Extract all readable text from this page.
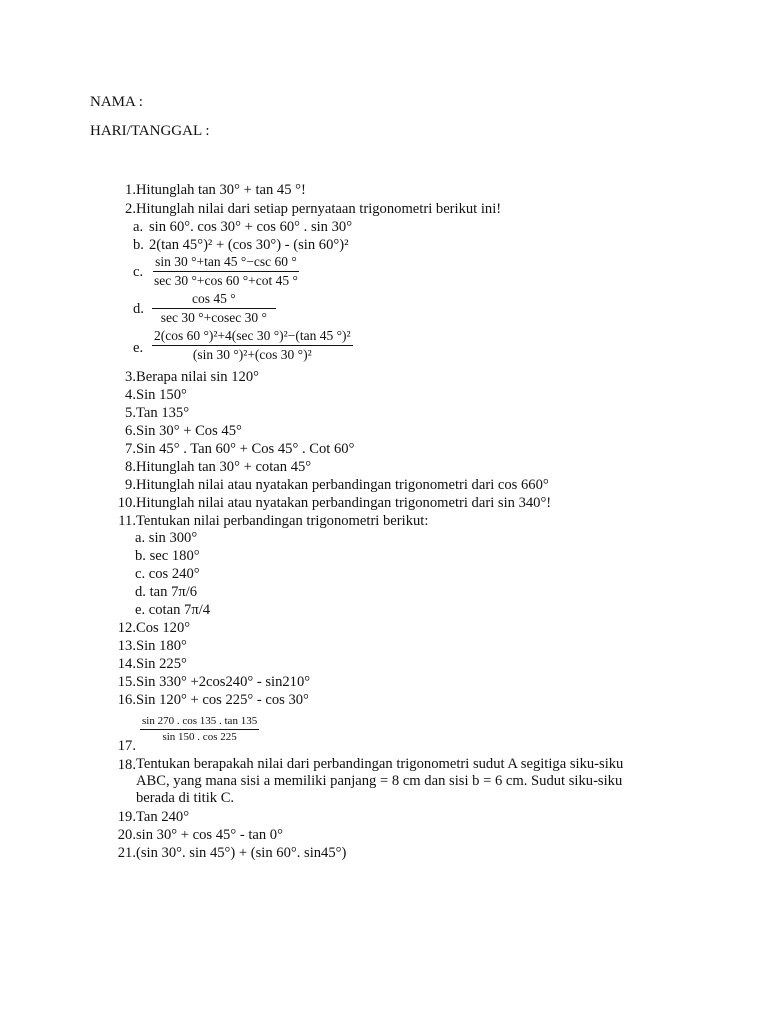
NAMA :
HARI/TANGGAL :
1. Hitunglah tan 30° + tan 45 °!
2. Hitunglah nilai dari setiap pernyataan trigonometri berikut ini!
a. sin 60°. cos 30° + cos 60° . sin 30°
b. 2(tan 45°)² + (cos 30°) - (sin 60°)²
c.
sin 30 °+tan 45 °−csc 60 °
sec 30 °+cos 60 °+cot 45 °
d.
cos 45 °
sec 30 °+cosec 30 °
e.
2(cos 60 °)²+4(sec 30 °)²−(tan 45 °)²
(sin 30 °)²+(cos 30 °)²
3. Berapa nilai sin 120°
4. Sin 150°
5. Tan 135°
6. Sin 30° + Cos 45°
7. Sin 45° . Tan 60° + Cos 45° . Cot 60°
8. Hitunglah tan 30° + cotan 45°
9. Hitunglah nilai atau nyatakan perbandingan trigonometri dari cos 660°
10. Hitunglah nilai atau nyatakan perbandingan trigonometri dari sin 340°!
11. Tentukan nilai perbandingan trigonometri berikut:
a. sin 300°
b. sec 180°
c. cos 240°
d. tan 7π/6
e. cotan 7π/4
12. Cos 120°
13. Sin 180°
14. Sin 225°
15. Sin 330° +2cos240° - sin210°
16. Sin 120° + cos 225° - cos 30°
$\frac{\sin 270 . \cos 135 . \tan 135}{\sin 150 . \cos 225}$
17.
18. Tentukan berapakah nilai dari perbandingan trigonometri sudut A segitiga siku-siku ABC, yang mana sisi a memiliki panjang = 8 cm dan sisi b = 6 cm. Sudut siku-siku berada di titik C.
19. Tan 240°
20. sin 30° + cos 45° - tan 0°
21. (sin 30°. sin 45°) + (sin 60°. sin45°)
